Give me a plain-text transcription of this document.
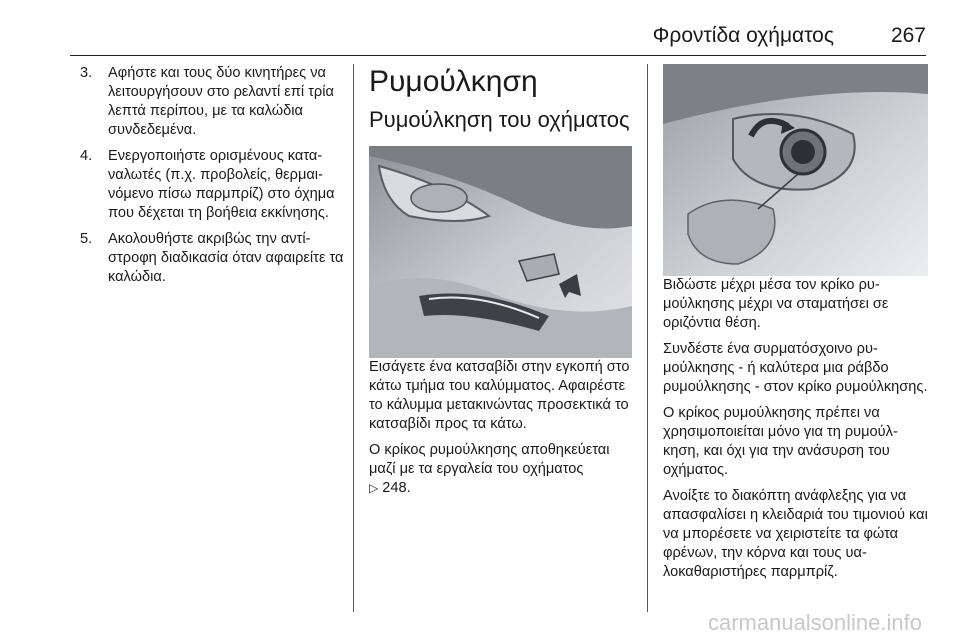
Φροντίδα οχήματος	267
3. Αφήστε και τους δύο κινητήρες να λειτουργήσουν στο ρελαντί επί τρία λεπτά περίπου, με τα καλώδια συνδεδεμένα.
4. Ενεργοποιήστε ορισμένους καταναλωτές (π.χ. προβολείς, θερμαινόμενο πίσω παρμπρίζ) στο όχημα που δέχεται τη βοήθεια εκκίνησης.
5. Ακολουθήστε ακριβώς την αντίστροφη διαδικασία όταν αφαιρείτε τα καλώδια.
Ρυμούλκηση
Ρυμούλκηση του οχήματος

Εισάγετε ένα κατσαβίδι στην εγκοπή στο κάτω τμήμα του καλύμματος. Αφαιρέστε το κάλυμμα μετακινώντας προσεκτικά το κατσαβίδι προς τα κάτω.

Ο κρίκος ρυμούλκησης αποθηκεύεται μαζί με τα εργαλεία του οχήματος
▷ 248.

Βιδώστε μέχρι μέσα τον κρίκο ρυμούλκησης μέχρι να σταματήσει σε οριζόντια θέση.

Συνδέστε ένα συρματόσχοινο ρυμούλκησης - ή καλύτερα μια ράβδο ρυμούλκησης - στον κρίκο ρυμούλκησης.

Ο κρίκος ρυμούλκησης πρέπει να χρησιμοποιείται μόνο για τη ρυμούλκηση, και όχι για την ανάσυρση του οχήματος.

Ανοίξτε το διακόπτη ανάφλεξης για να απασφαλίσει η κλειδαριά του τιμονιού και να μπορέσετε να χειριστείτε τα φώτα φρένων, την κόρνα και τους υαλοκαθαριστήρες παρμπρίζ.

carmanualsonline.info
